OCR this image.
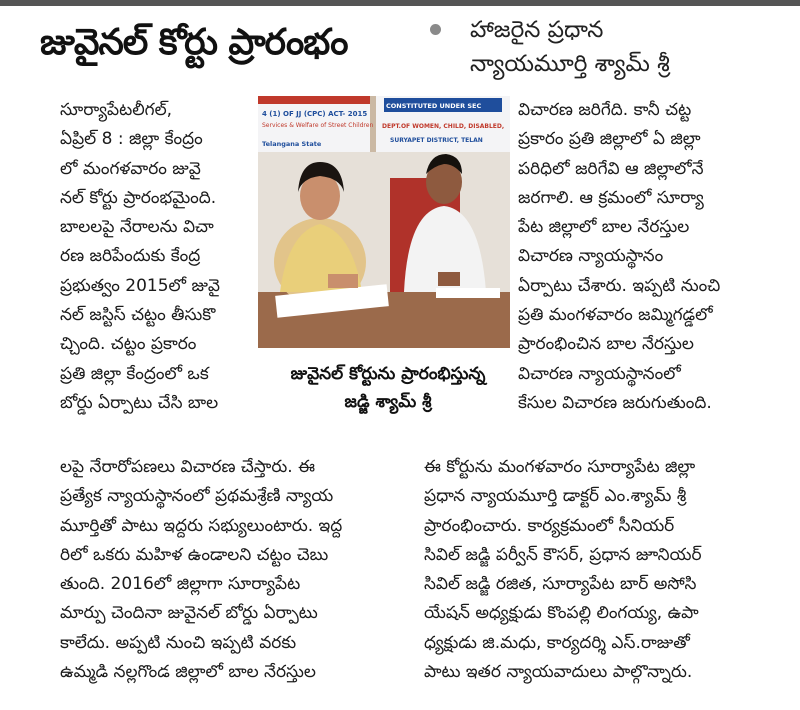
జువైనల్ కోర్టు ప్రారంభం	హాజరైన ప్రధాన
న్యాయమూర్తి శ్యామ్ శ్రీ
సూర్యాపేటలీగల్,
ఏప్రిల్ 8 : జిల్లా కేంద్రం
లో మంగళవారం జువై
నల్ కోర్టు ప్రారంభమైంది.
బాలలపై నేరాలను విచా
రణ జరిపేందుకు కేంద్ర
ప్రభుత్వం 2015లో జువై
నల్ జస్టిస్ చట్టం తీసుకొ
చ్చింది. చట్టం ప్రకారం
ప్రతి జిల్లా కేంద్రంలో ఒక
బోర్డు ఏర్పాటు చేసి బాల
4 (1) OF JJ (CPC) ACT- 2015
Services & Welfare of Street Children
Telangana State
CONSTITUTED UNDER SEC
DEPT.OF WOMEN, CHILD, DISABLED,
SURYAPET DISTRICT, TELAN
జువైనల్ కోర్టును ప్రారంభిస్తున్న
జడ్జి శ్యామ్ శ్రీ
విచారణ జరిగేది. కానీ చట్ట
ప్రకారం ప్రతి జిల్లాలో ఏ జిల్లా
పరిధిలో జరిగేవి ఆ జిల్లాలోనే
జరగాలి. ఆ క్రమంలో సూర్యా
పేట జిల్లాలో బాల నేరస్తుల
విచారణ న్యాయస్థానం
ఏర్పాటు చేశారు. ఇప్పటి నుంచి
ప్రతి మంగళవారం జమ్మిగడ్డలో
ప్రారంభించిన బాల నేరస్తుల
విచారణ న్యాయస్థానంలో
కేసుల విచారణ జరుగుతుంది.
లపై నేరారోపణలు విచారణ చేస్తారు. ఈ
ప్రత్యేక న్యాయస్థానంలో ప్రథమశ్రేణి న్యాయ
మూర్తితో పాటు ఇద్దరు సభ్యులుంటారు. ఇద్ద
రిలో ఒకరు మహిళ ఉండాలని చట్టం చెబు
తుంది. 2016లో జిల్లాగా సూర్యాపేట
మార్పు చెందినా జువైనల్ బోర్డు ఏర్పాటు
కాలేదు. అప్పటి నుంచి ఇప్పటి వరకు
ఉమ్మడి నల్లగొండ జిల్లాలో బాల నేరస్తుల
ఈ కోర్టును మంగళవారం సూర్యాపేట జిల్లా
ప్రధాన న్యాయమూర్తి డాక్టర్ ఎం.శ్యామ్ శ్రీ
ప్రారంభించారు. కార్యక్రమంలో సీనియర్
సివిల్ జడ్జి పర్వీన్ కౌసర్, ప్రధాన జూనియర్
సివిల్ జడ్జి రజిత, సూర్యాపేట బార్ అసోసి
యేషన్ అధ్యక్షుడు కొంపల్లి లింగయ్య, ఉపా
ధ్యక్షుడు జి.మధు, కార్యదర్శి ఎస్.రాజుతో
పాటు ఇతర న్యాయవాదులు పాల్గొన్నారు.
